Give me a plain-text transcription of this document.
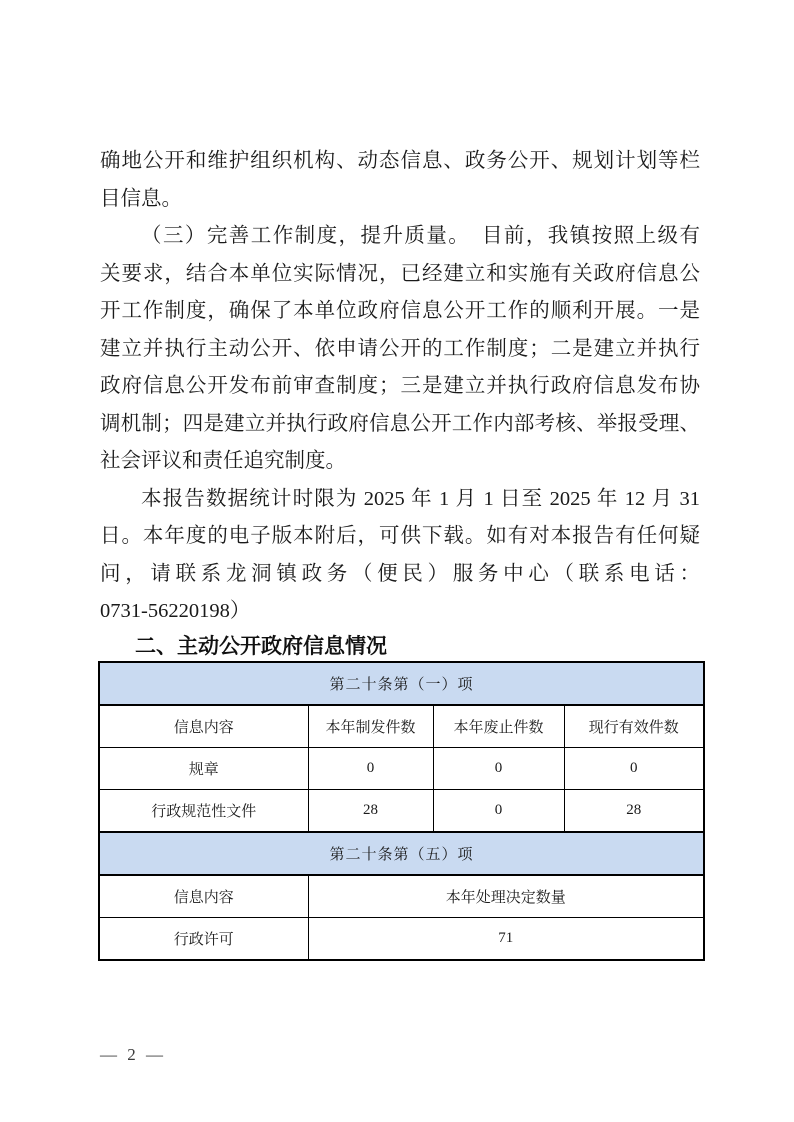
确地公开和维护组织机构、动态信息、政务公开、规划计划等栏
目信息。
（三）完善工作制度，提升质量。　目前，我镇按照上级有
关要求，结合本单位实际情况，已经建立和实施有关政府信息公
开工作制度，确保了本单位政府信息公开工作的顺利开展。一是
建立并执行主动公开、依申请公开的工作制度；二是建立并执行
政府信息公开发布前审查制度；三是建立并执行政府信息发布协
调机制；四是建立并执行政府信息公开工作内部考核、举报受理、
社会评议和责任追究制度。
本报告数据统计时限为 2025 年 1 月 1 日至 2025 年 12 月 31
日。本年度的电子版本附后，可供下载。如有对本报告有任何疑
问，请联系龙洞镇政务（便民）服务中心（联系电话：
0731-56220198）
二、主动公开政府信息情况
第二十条第（一）项			
信息内容	本年制发件数	本年废止件数	现行有效件数
规章	0	0	0
行政规范性文件	28	0	28
第二十条第（五）项			
信息内容	本年处理决定数量		
行政许可	71		
— 2 —
